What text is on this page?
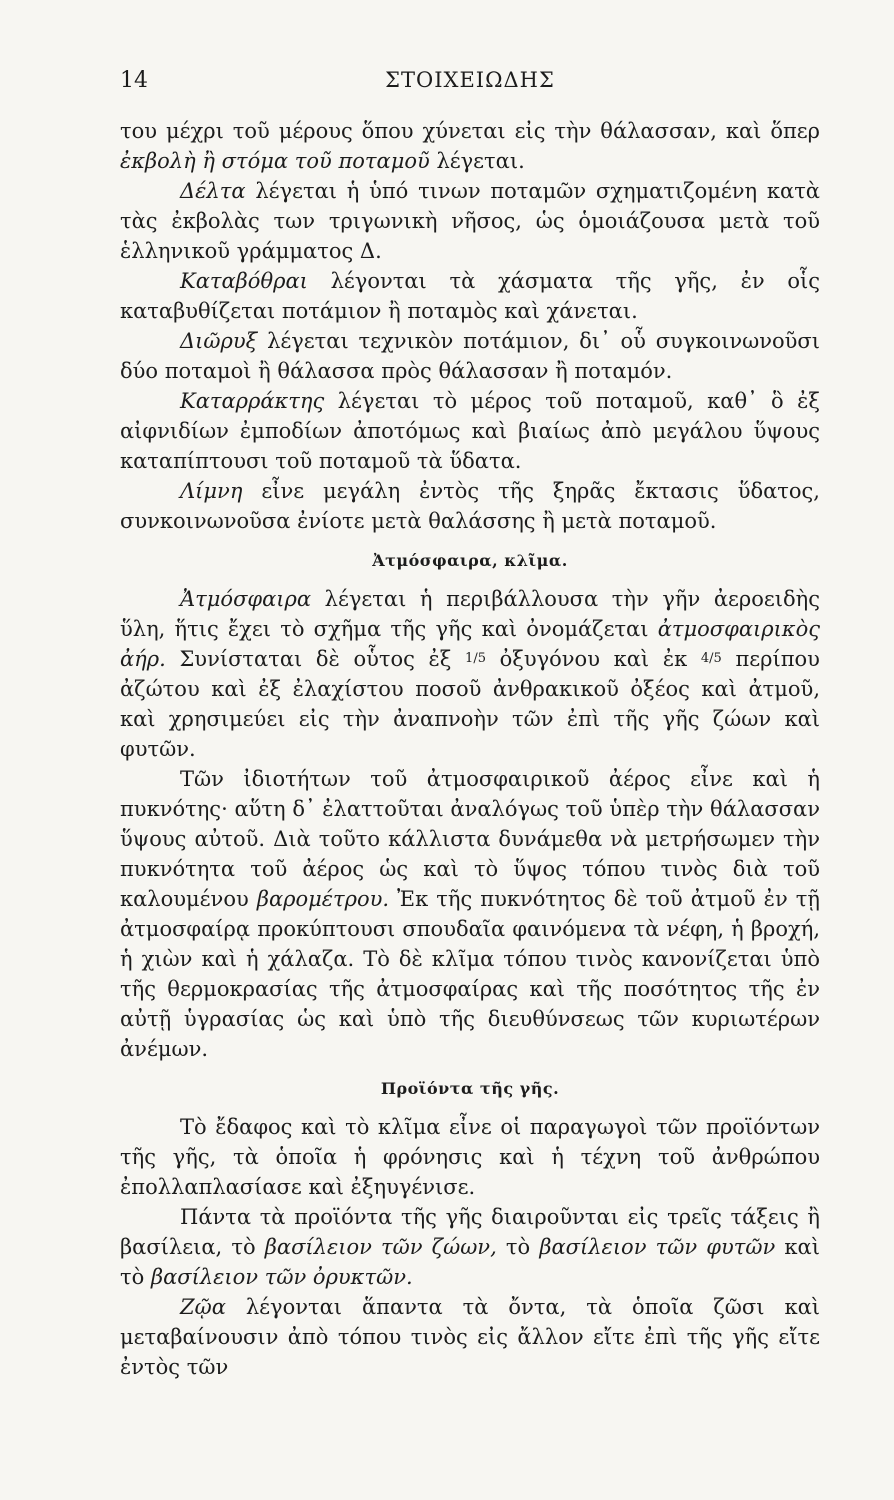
14	ΣΤΟΙΧΕΙΩΔΗΣ

του μέχρι τοῦ μέρους ὅπου χύνεται εἰς τὴν θάλασσαν, καὶ ὅπερ ἐκβολὴ ἢ στόμα τοῦ ποταμοῦ λέγεται.

Δέλτα λέγεται ἡ ὑπό τινων ποταμῶν σχηματιζομένη κατὰ τὰς ἐκβολὰς των τριγωνικὴ νῆσος, ὡς ὁμοιάζουσα μετὰ τοῦ ἑλληνικοῦ γράμματος Δ.

Καταβόθραι λέγονται τὰ χάσματα τῆς γῆς, ἐν οἷς καταβυθίζεται ποτάμιον ἢ ποταμὸς καὶ χάνεται.

Διῶρυξ λέγεται τεχνικὸν ποτάμιον, δι᾽ οὗ συγκοινωνοῦσι δύο ποταμοὶ ἢ θάλασσα πρὸς θάλασσαν ἢ ποταμόν.

Καταρράκτης λέγεται τὸ μέρος τοῦ ποταμοῦ, καθ᾽ ὃ ἐξ αἰφνιδίων ἐμποδίων ἀποτόμως καὶ βιαίως ἀπὸ μεγάλου ὕψους καταπίπτουσι τοῦ ποταμοῦ τὰ ὕδατα.

Λίμνη εἶνε μεγάλη ἐντὸς τῆς ξηρᾶς ἔκτασις ὕδατος, συνκοινωνοῦσα ἐνίοτε μετὰ θαλάσσης ἢ μετὰ ποταμοῦ.

Ἀτμόσφαιρα, κλῖμα.

Ἀτμόσφαιρα λέγεται ἡ περιβάλλουσα τὴν γῆν ἀεροειδὴς ὕλη, ἥτις ἔχει τὸ σχῆμα τῆς γῆς καὶ ὀνομάζεται ἀτμοσφαιρικὸς ἀήρ. Συνίσταται δὲ οὗτος ἐξ 1/5 ὀξυγόνου καὶ ἐκ 4/5 περίπου ἀζώτου καὶ ἐξ ἐλαχίστου ποσοῦ ἀνθρακικοῦ ὀξέος καὶ ἀτμοῦ, καὶ χρησιμεύει εἰς τὴν ἀναπνοὴν τῶν ἐπὶ τῆς γῆς ζώων καὶ φυτῶν.

Τῶν ἰδιοτήτων τοῦ ἀτμοσφαιρικοῦ ἀέρος εἶνε καὶ ἡ πυκνότης· αὕτη δ᾽ ἐλαττοῦται ἀναλόγως τοῦ ὑπὲρ τὴν θάλασσαν ὕψους αὐτοῦ. Διὰ τοῦτο κάλλιστα δυνάμεθα νὰ μετρήσωμεν τὴν πυκνότητα τοῦ ἀέρος ὡς καὶ τὸ ὕψος τόπου τινὸς διὰ τοῦ καλουμένου βαρομέτρου. Ἐκ τῆς πυκνότητος δὲ τοῦ ἀτμοῦ ἐν τῇ ἀτμοσφαίρᾳ προκύπτουσι σπουδαῖα φαινόμενα τὰ νέφη, ἡ βροχή, ἡ χιὼν καὶ ἡ χάλαζα. Τὸ δὲ κλῖμα τόπου τινὸς κανονίζεται ὑπὸ τῆς θερμοκρασίας τῆς ἀτμοσφαίρας καὶ τῆς ποσότητος τῆς ἐν αὐτῇ ὑγρασίας ὡς καὶ ὑπὸ τῆς διευθύνσεως τῶν κυριωτέρων ἀνέμων.

Προϊόντα τῆς γῆς.

Τὸ ἔδαφος καὶ τὸ κλῖμα εἶνε οἱ παραγωγοὶ τῶν προϊόντων τῆς γῆς, τὰ ὁποῖα ἡ φρόνησις καὶ ἡ τέχνη τοῦ ἀνθρώπου ἐπολλαπλασίασε καὶ ἐξηυγένισε.

Πάντα τὰ προϊόντα τῆς γῆς διαιροῦνται εἰς τρεῖς τάξεις ἢ βασίλεια, τὸ βασίλειον τῶν ζώων, τὸ βασίλειον τῶν φυτῶν καὶ τὸ βασίλειον τῶν ὀρυκτῶν.

Ζῷα λέγονται ἅπαντα τὰ ὄντα, τὰ ὁποῖα ζῶσι καὶ μεταβαίνουσιν ἀπὸ τόπου τινὸς εἰς ἄλλον εἴτε ἐπὶ τῆς γῆς εἴτε ἐντὸς τῶν
